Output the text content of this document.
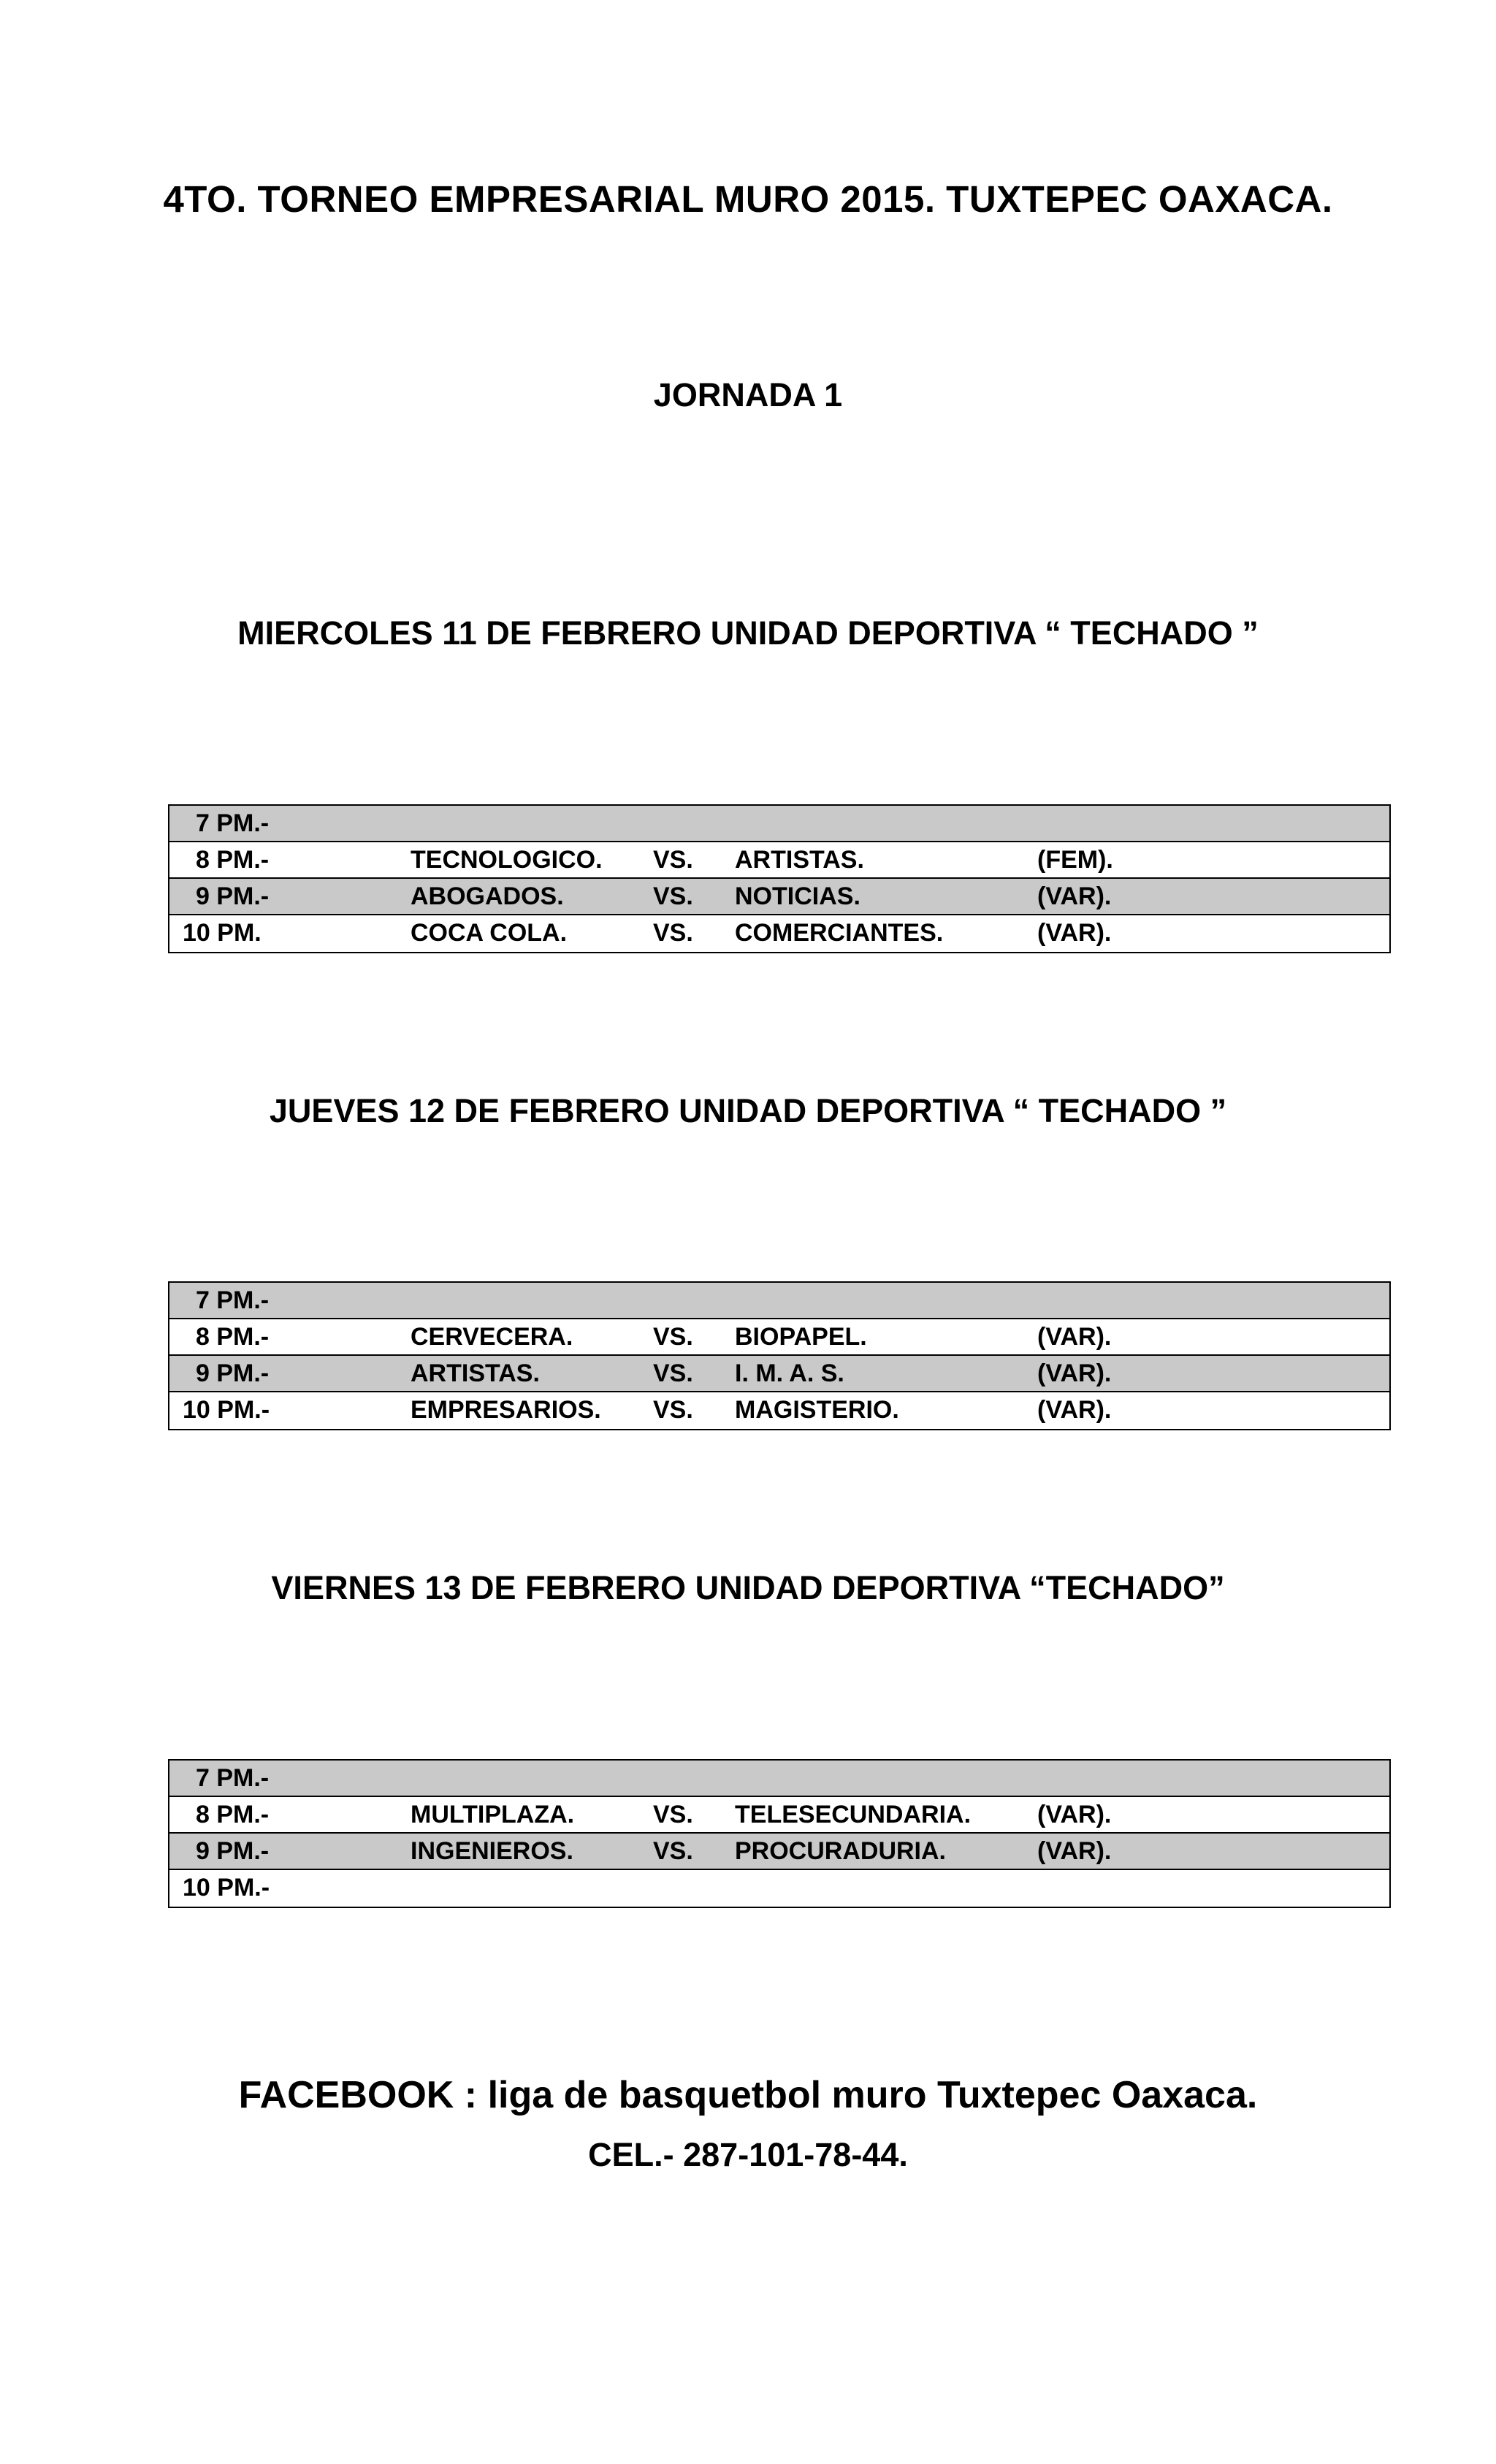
4TO. TORNEO EMPRESARIAL MURO 2015. TUXTEPEC OAXACA.
JORNADA 1
MIERCOLES 11 DE FEBRERO UNIDAD DEPORTIVA “ TECHADO ”
7 PM.-
8 PM.-	TECNOLOGICO. VS. ARTISTAS.	(FEM).
9 PM.-	ABOGADOS.	VS. NOTICIAS.	(VAR).
10 PM.	COCA COLA.	VS. COMERCIANTES.	(VAR).
JUEVES 12 DE FEBRERO UNIDAD DEPORTIVA “ TECHADO ”
7 PM.-
8 PM.-	CERVECERA.	VS. BIOPAPEL.	(VAR).
9 PM.-	ARTISTAS.	VS. I. M. A. S.	(VAR).
10 PM.-	EMPRESARIOS. VS. MAGISTERIO.	(VAR).
VIERNES 13 DE FEBRERO UNIDAD DEPORTIVA “TECHADO”
7 PM.-
8 PM.-	MULTIPLAZA.	VS. TELESECUNDARIA.	(VAR).
9 PM.-	INGENIEROS.	VS. PROCURADURIA.	(VAR).
10 PM.-

FACEBOOK : liga de basquetbol muro Tuxtepec Oaxaca.

CEL.- 287-101-78-44.
